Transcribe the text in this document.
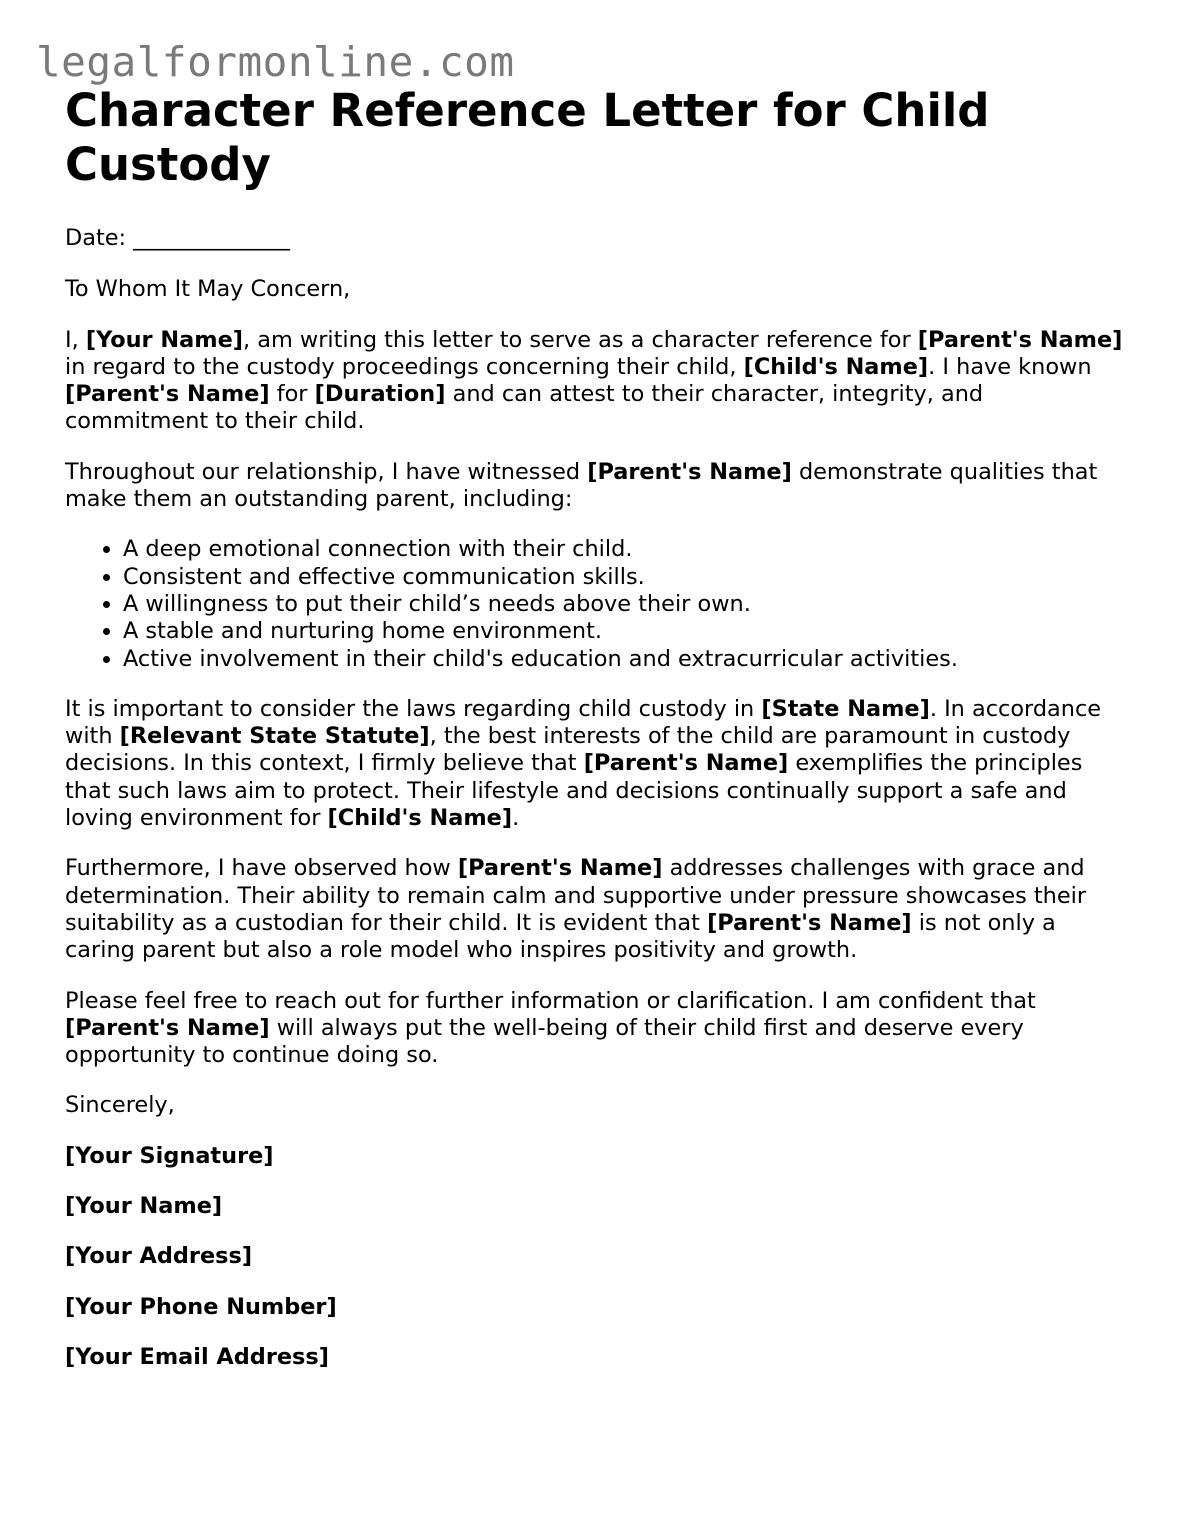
legalformonline.com
Character Reference Letter for Child Custody

Date: ______________

To Whom It May Concern,

I, [Your Name], am writing this letter to serve as a character reference for [Parent's Name] in regard to the custody proceedings concerning their child, [Child's Name]. I have known [Parent's Name] for [Duration] and can attest to their character, integrity, and commitment to their child.

Throughout our relationship, I have witnessed [Parent's Name] demonstrate qualities that make them an outstanding parent, including:

• A deep emotional connection with their child.
• Consistent and effective communication skills.
• A willingness to put their child’s needs above their own.
• A stable and nurturing home environment.
• Active involvement in their child's education and extracurricular activities.

It is important to consider the laws regarding child custody in [State Name]. In accordance with [Relevant State Statute], the best interests of the child are paramount in custody decisions. In this context, I firmly believe that [Parent's Name] exemplifies the principles that such laws aim to protect. Their lifestyle and decisions continually support a safe and loving environment for [Child's Name].

Furthermore, I have observed how [Parent's Name] addresses challenges with grace and determination. Their ability to remain calm and supportive under pressure showcases their suitability as a custodian for their child. It is evident that [Parent's Name] is not only a caring parent but also a role model who inspires positivity and growth.

Please feel free to reach out for further information or clarification. I am confident that [Parent's Name] will always put the well-being of their child first and deserve every opportunity to continue doing so.

Sincerely,

[Your Signature]

[Your Name]

[Your Address]

[Your Phone Number]

[Your Email Address]
